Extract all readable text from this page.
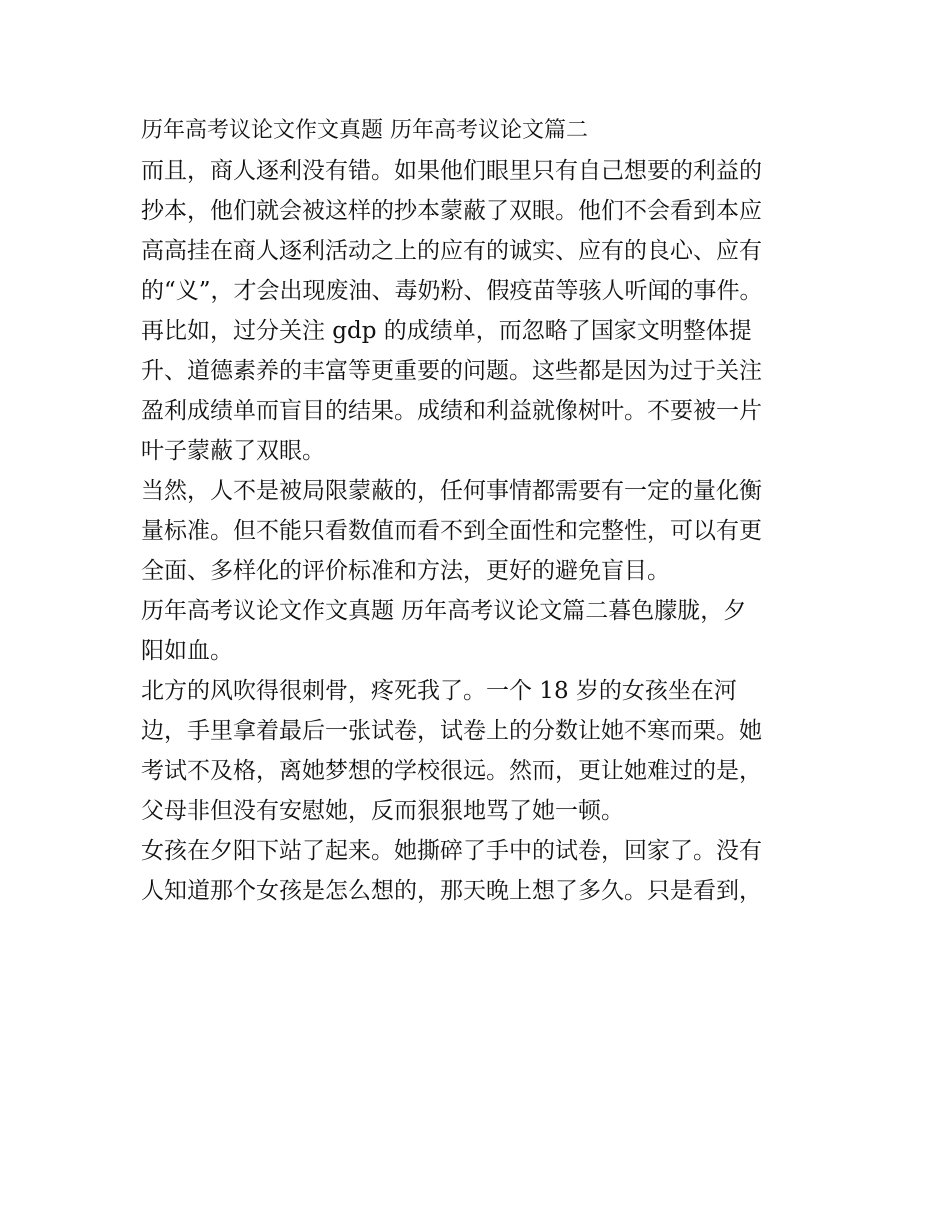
历年高考议论文作文真题 历年高考议论文篇二
而且，商人逐利没有错。如果他们眼里只有自己想要的利益的
抄本，他们就会被这样的抄本蒙蔽了双眼。他们不会看到本应
高高挂在商人逐利活动之上的应有的诚实、应有的良心、应有
的“义”，才会出现废油、毒奶粉、假疫苗等骇人听闻的事件。
再比如，过分关注 gdp 的成绩单，而忽略了国家文明整体提
升、道德素养的丰富等更重要的问题。这些都是因为过于关注
盈利成绩单而盲目的结果。成绩和利益就像树叶。不要被一片
叶子蒙蔽了双眼。
当然，人不是被局限蒙蔽的，任何事情都需要有一定的量化衡
量标准。但不能只看数值而看不到全面性和完整性，可以有更
全面、多样化的评价标准和方法，更好的避免盲目。
历年高考议论文作文真题 历年高考议论文篇二暮色朦胧，夕
阳如血。
北方的风吹得很刺骨，疼死我了。一个 18 岁的女孩坐在河
边，手里拿着最后一张试卷，试卷上的分数让她不寒而栗。她
考试不及格，离她梦想的学校很远。然而，更让她难过的是，
父母非但没有安慰她，反而狠狠地骂了她一顿。
女孩在夕阳下站了起来。她撕碎了手中的试卷，回家了。没有
人知道那个女孩是怎么想的，那天晚上想了多久。只是看到，
